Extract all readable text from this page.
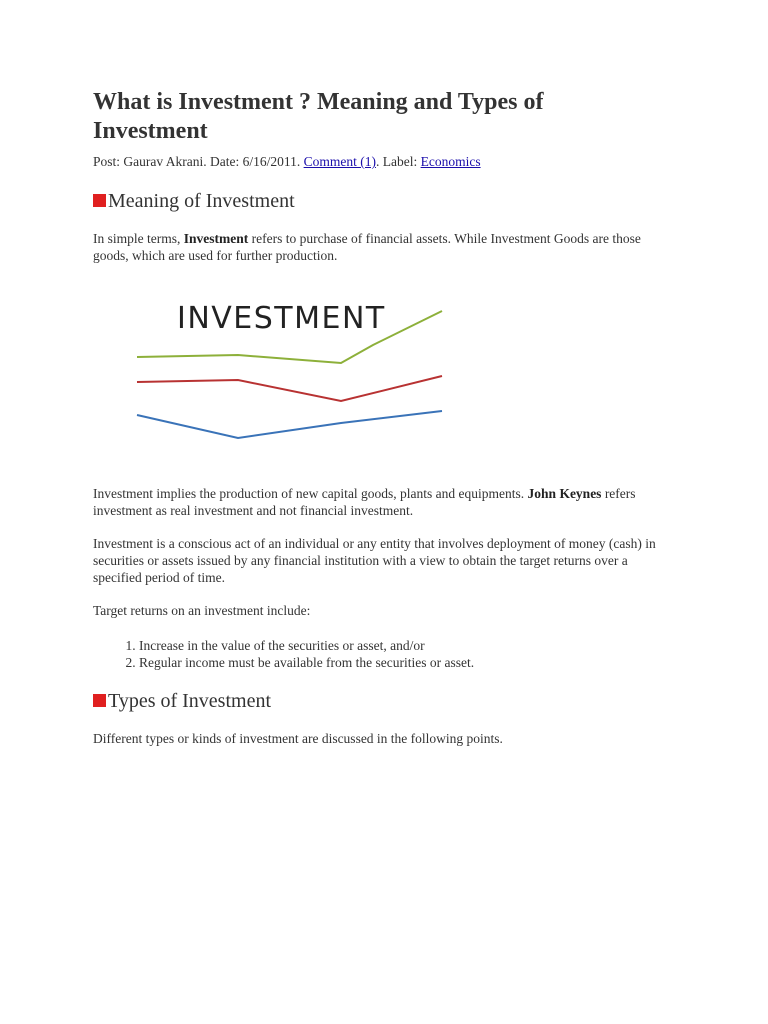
What is Investment ? Meaning and Types of Investment
Post: Gaurav Akrani. Date: 6/16/2011. Comment (1). Label: Economics
Meaning of Investment

In simple terms, Investment refers to purchase of financial assets. While Investment Goods are those goods, which are used for further production.

INVESTMENT

Investment implies the production of new capital goods, plants and equipments. John Keynes refers investment as real investment and not financial investment.

Investment is a conscious act of an individual or any entity that involves deployment of money (cash) in securities or assets issued by any financial institution with a view to obtain the target returns over a specified period of time.

Target returns on an investment include:

1. Increase in the value of the securities or asset, and/or
2. Regular income must be available from the securities or asset.
Types of Investment

Different types or kinds of investment are discussed in the following points.
